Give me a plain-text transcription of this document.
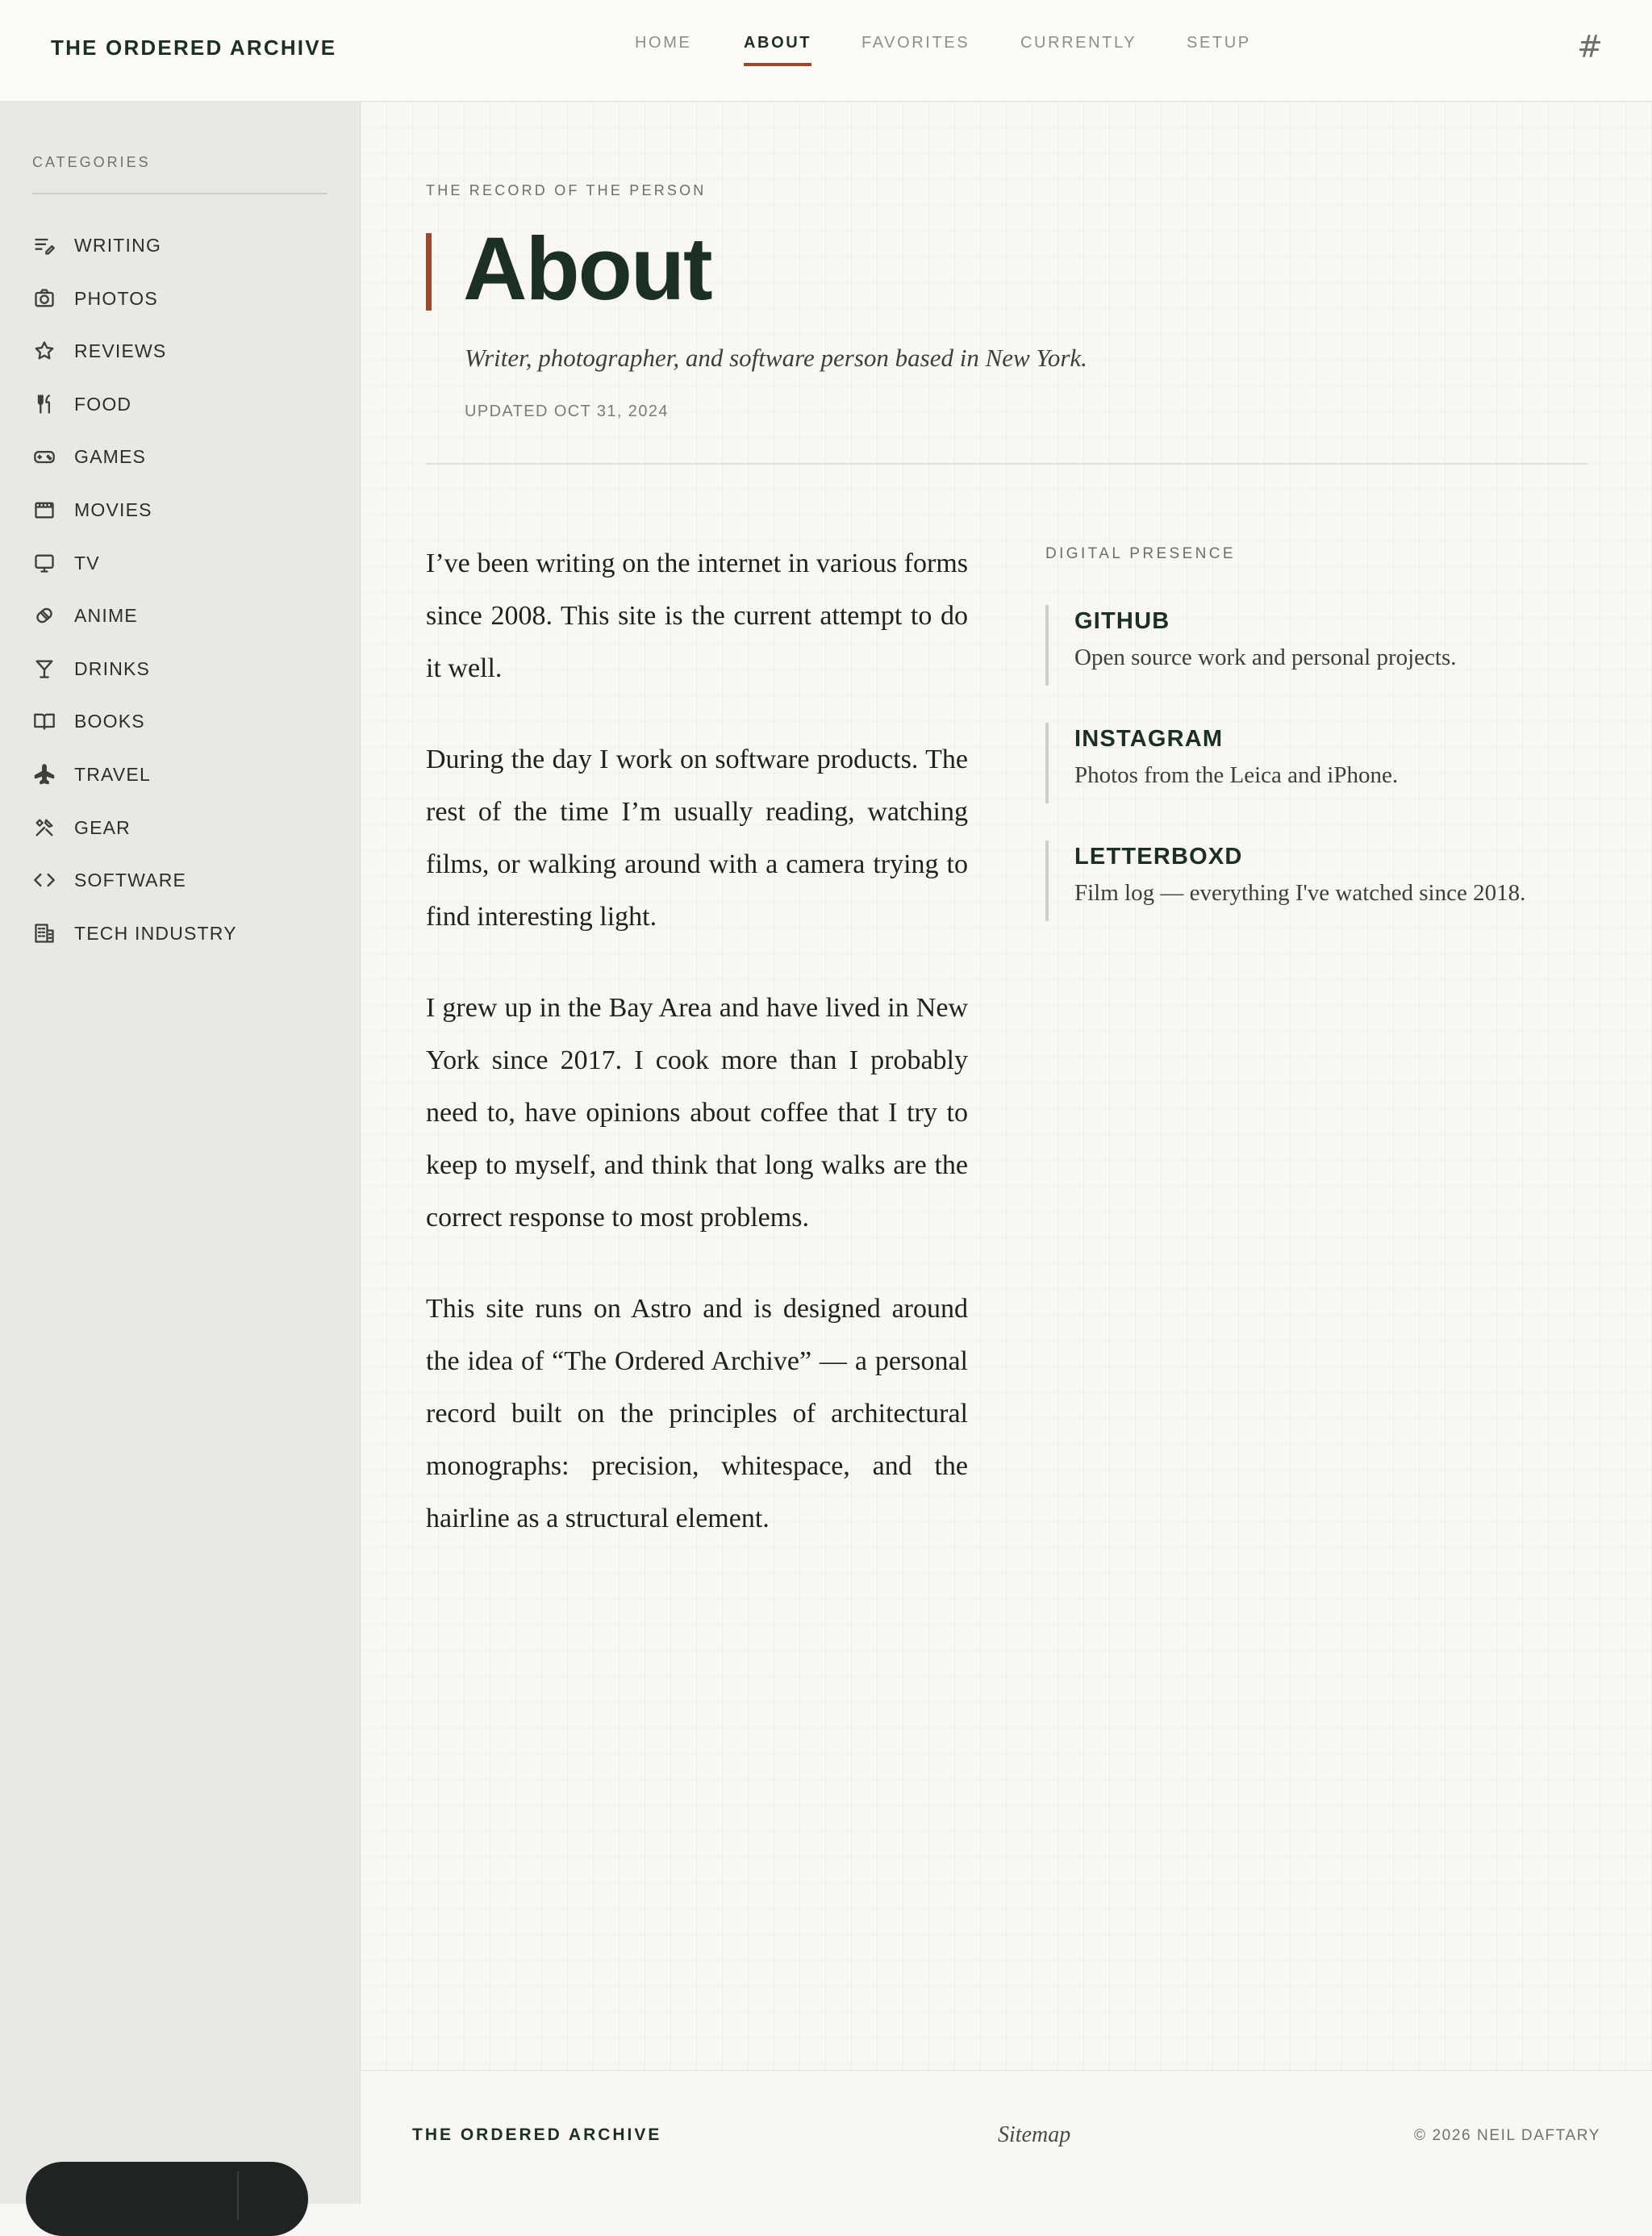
THE ORDERED ARCHIVE	HOME	ABOUT	FAVORITES	CURRENTLY	SETUP	#
CATEGORIES
WRITING
PHOTOS
REVIEWS
FOOD
GAMES
MOVIES
TV
ANIME
DRINKS
BOOKS
TRAVEL
GEAR
SOFTWARE
TECH INDUSTRY
THE RECORD OF THE PERSON
About
Writer, photographer, and software person based in New York.
UPDATED OCT 31, 2024

I’ve been writing on the internet in various forms since 2008. This site is the current attempt to do it well.

During the day I work on software products. The rest of the time I’m usually reading, watching films, or walking around with a camera trying to find interesting light.

I grew up in the Bay Area and have lived in New York since 2017. I cook more than I probably need to, have opinions about coffee that I try to keep to myself, and think that long walks are the correct response to most problems.

This site runs on Astro and is designed around the idea of “The Ordered Archive” — a personal record built on the principles of architectural monographs: precision, whitespace, and the hairline as a structural element.

DIGITAL PRESENCE
GITHUB
Open source work and personal projects.
INSTAGRAM
Photos from the Leica and iPhone.
LETTERBOXD
Film log — everything I've watched since 2018.
THE ORDERED ARCHIVE	Sitemap	© 2026 NEIL DAFTARY
